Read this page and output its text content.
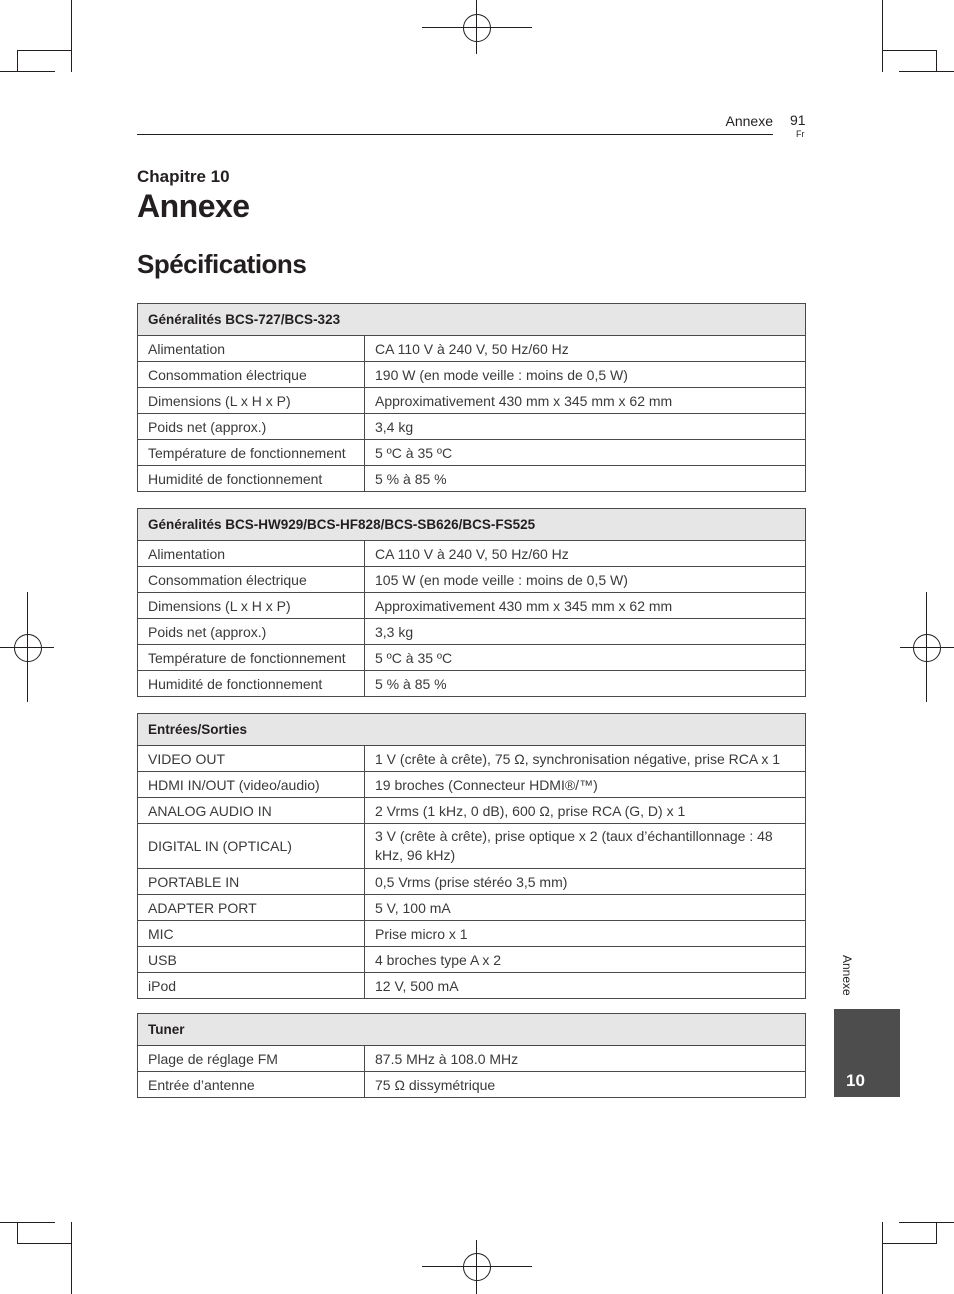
Annexe 91
Fr
Chapitre 10
Annexe
Spécifications
Généralités BCS-727/BCS-323	
Alimentation	CA 110 V à 240 V, 50 Hz/60 Hz
Consommation électrique	190 W (en mode veille : moins de 0,5 W)
Dimensions (L x H x P)	Approximativement 430 mm x 345 mm x 62 mm
Poids net (approx.)	3,4 kg
Température de fonctionnement	5 ºC à 35 ºC
Humidité de fonctionnement	5 % à 85 %
Généralités BCS-HW929/BCS-HF828/BCS-SB626/BCS-FS525	
Alimentation	CA 110 V à 240 V, 50 Hz/60 Hz
Consommation électrique	105 W (en mode veille : moins de 0,5 W)
Dimensions (L x H x P)	Approximativement 430 mm x 345 mm x 62 mm
Poids net (approx.)	3,3 kg
Température de fonctionnement	5 ºC à 35 ºC
Humidité de fonctionnement	5 % à 85 %
Entrées/Sorties	
VIDEO OUT	1 V (crête à crête), 75 Ω, synchronisation négative, prise RCA x 1
HDMI IN/OUT (video/audio)	19 broches (Connecteur HDMI®/™)
ANALOG AUDIO IN	2 Vrms (1 kHz, 0 dB), 600 Ω, prise RCA (G, D) x 1
DIGITAL IN (OPTICAL)	3 V (crête à crête), prise optique x 2 (taux d’échantillonnage : 48 kHz, 96 kHz)
PORTABLE IN	0,5 Vrms (prise stéréo 3,5 mm)
ADAPTER PORT	5 V, 100 mA
MIC	Prise micro x 1
USB	4 broches type A x 2
iPod	12 V, 500 mA
Tuner	
Plage de réglage FM	87.5 MHz à 108.0 MHz
Entrée d’antenne	75 Ω dissymétrique
Annexe
10
